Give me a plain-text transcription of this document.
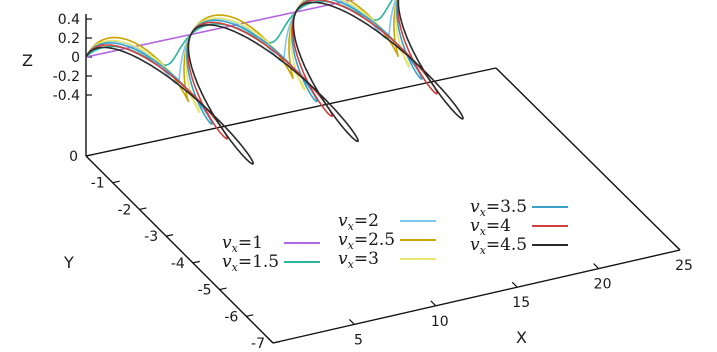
0.4
0.2
0
-0.2
-0.4
0
-1
-2
-3
-4
-5
-6
-7	5
10
15
20
25
Z
Y
X
$v_x=1$
$v_x=1.5$
$v_x=2$
$v_x=2.5$
$v_x=3$
$v_x=3.5$
$v_x=4$
$v_x=4.5$
